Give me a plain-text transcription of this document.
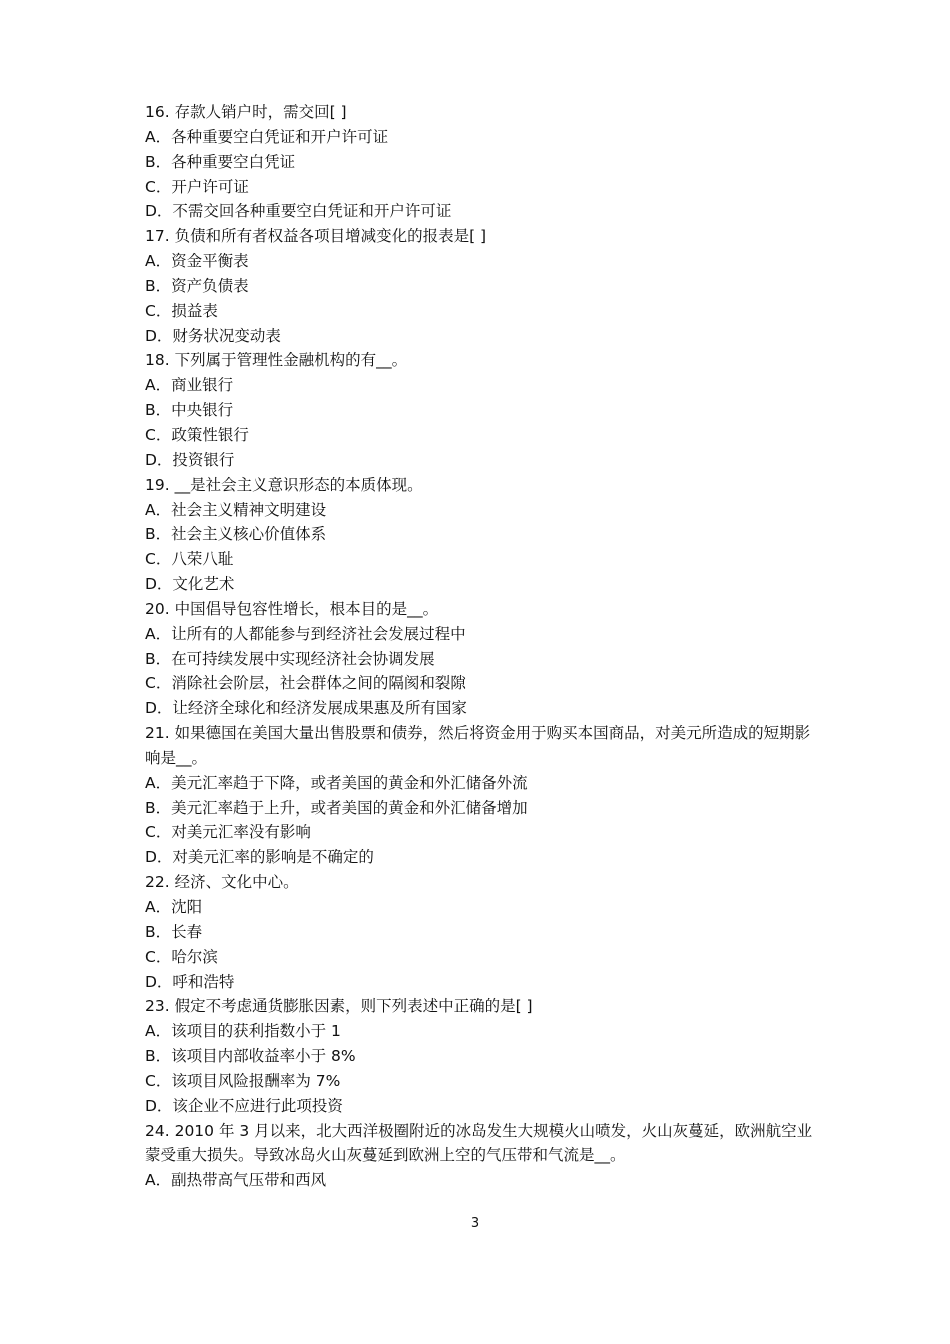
16. 存款人销户时，需交回[ ]
A．各种重要空白凭证和开户许可证
B．各种重要空白凭证
C．开户许可证
D．不需交回各种重要空白凭证和开户许可证
17. 负债和所有者权益各项目增减变化的报表是[ ]
A．资金平衡表
B．资产负债表
C．损益表
D．财务状况变动表
18. 下列属于管理性金融机构的有__。
A．商业银行
B．中央银行
C．政策性银行
D．投资银行
19. __是社会主义意识形态的本质体现。
A．社会主义精神文明建设
B．社会主义核心价值体系
C．八荣八耻
D．文化艺术
20. 中国倡导包容性增长，根本目的是__。
A．让所有的人都能参与到经济社会发展过程中
B．在可持续发展中实现经济社会协调发展
C．消除社会阶层，社会群体之间的隔阂和裂隙
D．让经济全球化和经济发展成果惠及所有国家
21. 如果德国在美国大量出售股票和债券，然后将资金用于购买本国商品，对美元所造成的短期影响是__。
A．美元汇率趋于下降，或者美国的黄金和外汇储备外流
B．美元汇率趋于上升，或者美国的黄金和外汇储备增加
C．对美元汇率没有影响
D．对美元汇率的影响是不确定的
22. 经济、文化中心。
A．沈阳
B．长春
C．哈尔滨
D．呼和浩特
23. 假定不考虑通货膨胀因素，则下列表述中正确的是[ ]
A．该项目的获利指数小于 1
B．该项目内部收益率小于 8%
C．该项目风险报酬率为 7%
D．该企业不应进行此项投资
24. 2010 年 3 月以来，北大西洋极圈附近的冰岛发生大规模火山喷发，火山灰蔓延，欧洲航空业蒙受重大损失。导致冰岛火山灰蔓延到欧洲上空的气压带和气流是__。
A．副热带高气压带和西风
3
